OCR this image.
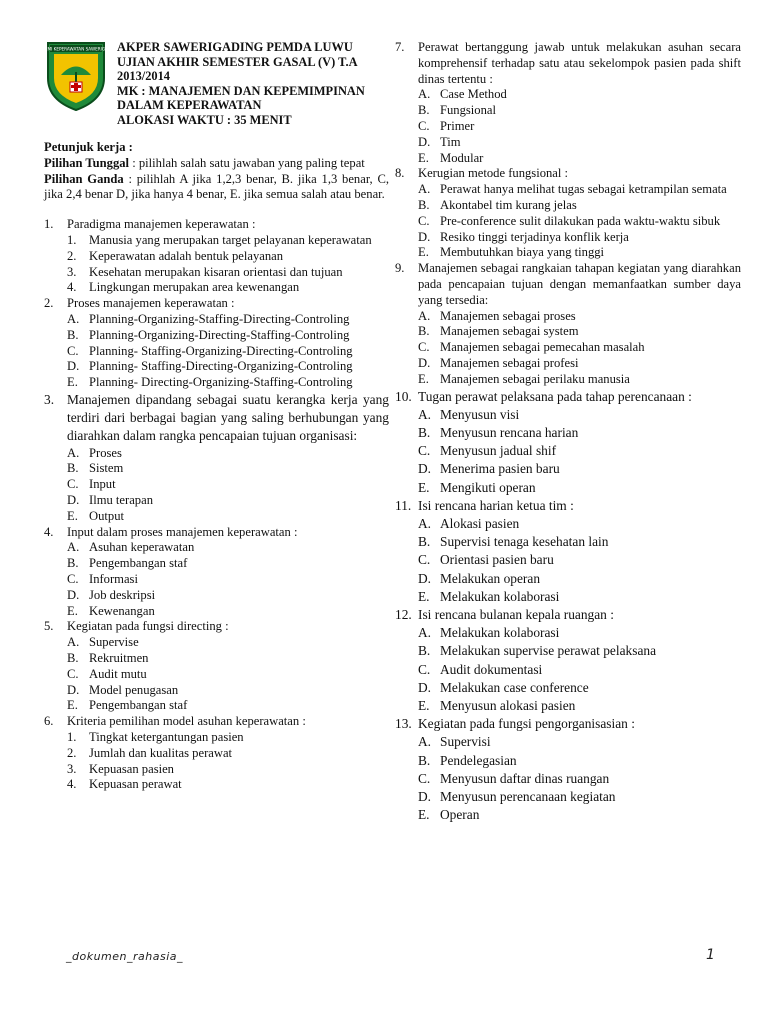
AKADEMI KEPERAWATAN SAWERIGADING
AKPER SAWERIGADING PEMDA LUWU
UJIAN AKHIR SEMESTER GASAL (V) T.A
2013/2014
MK : MANAJEMEN DAN KEPEMIMPINAN
DALAM KEPERAWATAN
ALOKASI WAKTU : 35 MENIT
Petunjuk kerja :

Pilihan Tunggal : pilihlah salah satu jawaban yang paling tepat

Pilihan Ganda : pilihlah A jika 1,2,3 benar, B. jika 1,3 benar, C, jika 2,4 benar D, jika hanya 4 benar, E. jika semua salah atau benar.

1.	Paradigma manajemen keperawatan :
1. Manusia yang merupakan target pelayanan keperawatan
2. Keperawatan adalah bentuk pelayanan
3. Kesehatan merupakan kisaran orientasi dan tujuan
4. Lingkungan merupakan area kewenangan
2.	Proses manajemen keperawatan :
A. Planning-Organizing-Staffing-Directing-Controling
B. Planning-Organizing-Directing-Staffing-Controling
C. Planning- Staffing-Organizing-Directing-Controling
D. Planning- Staffing-Directing-Organizing-Controling
E. Planning- Directing-Organizing-Staffing-Controling
3. Manajemen dipandang sebagai suatu kerangka kerja yang terdiri dari berbagai bagian yang saling berhubungan yang diarahkan dalam rangka pencapaian tujuan organisasi:
A. Proses
B. Sistem
C. Input
D. Ilmu terapan
E. Output
4.	Input dalam proses manajemen keperawatan :
A. Asuhan keperawatan
B. Pengembangan staf
C. Informasi
D. Job deskripsi
E. Kewenangan
5.	Kegiatan pada fungsi directing :
A. Supervise
B. Rekruitmen
C. Audit mutu
D. Model penugasan
E. Pengembangan staf
6.	Kriteria pemilihan model asuhan keperawatan :
1. Tingkat ketergantungan pasien
2. Jumlah dan kualitas perawat
3. Kepuasan pasien
4. Kepuasan perawat
7.	Perawat bertanggung jawab untuk melakukan asuhan secara komprehensif terhadap satu atau sekelompok pasien pada shift dinas tertentu :
A. Case Method
B. Fungsional
C. Primer
D. Tim
E. Modular
8.	Kerugian metode fungsional :
A. Perawat hanya melihat tugas sebagai ketrampilan semata
B. Akontabel tim kurang jelas
C. Pre-conference sulit dilakukan pada waktu-waktu sibuk
D. Resiko tinggi terjadinya konflik kerja
E. Membutuhkan biaya yang tinggi
9.	Manajemen sebagai rangkaian tahapan kegiatan yang diarahkan pada pencapaian tujuan dengan memanfaatkan sumber daya yang tersedia:
A. Manajemen sebagai proses
B. Manajemen sebagai system
C. Manajemen sebagai pemecahan masalah
D. Manajemen sebagai profesi
E. Manajemen sebagai perilaku manusia
10. Tugan perawat pelaksana pada tahap perencanaan :
A. Menyusun visi
B. Menyusun rencana harian
C. Menyusun jadual shif
D. Menerima pasien baru
E. Mengikuti operan
11. Isi rencana harian ketua tim :
A. Alokasi pasien
B. Supervisi tenaga kesehatan lain
C. Orientasi pasien baru
D. Melakukan operan
E. Melakukan kolaborasi
12. Isi rencana bulanan kepala ruangan :
A. Melakukan kolaborasi
B. Melakukan supervise perawat pelaksana
C. Audit dokumentasi
D. Melakukan case conference
E. Menyusun alokasi pasien
13. Kegiatan pada fungsi pengorganisasian :
A. Supervisi
B. Pendelegasian
C. Menyusun daftar dinas ruangan
D. Menyusun perencanaan kegiatan
E. Operan
_dokumen_rahasia_	1
